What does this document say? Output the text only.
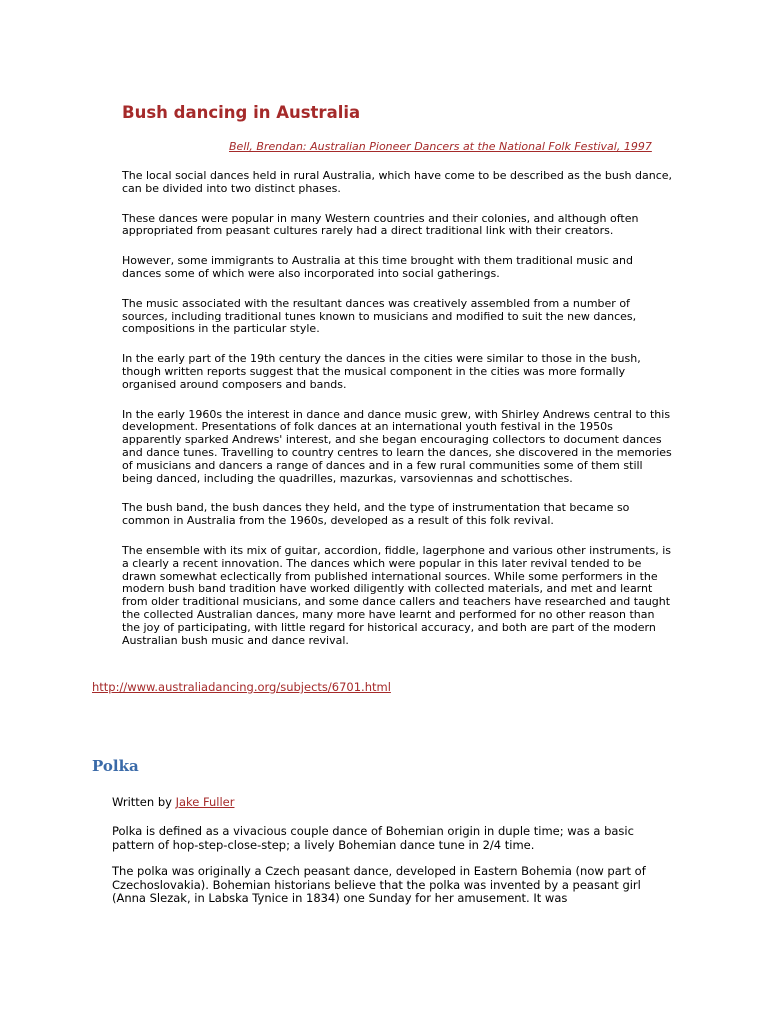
Bush dancing in Australia
Bell, Brendan: Australian Pioneer Dancers at the National Folk Festival, 1997

The local social dances held in rural Australia, which have come to be described as the bush dance, can be divided into two distinct phases.

These dances were popular in many Western countries and their colonies, and although often appropriated from peasant cultures rarely had a direct traditional link with their creators.

However, some immigrants to Australia at this time brought with them traditional music and dances some of which were also incorporated into social gatherings.

The music associated with the resultant dances was creatively assembled from a number of sources, including traditional tunes known to musicians and modified to suit the new dances, compositions in the particular style.

In the early part of the 19th century the dances in the cities were similar to those in the bush, though written reports suggest that the musical component in the cities was more formally organised around composers and bands.

In the early 1960s the interest in dance and dance music grew, with Shirley Andrews central to this development. Presentations of folk dances at an international youth festival in the 1950s apparently sparked Andrews' interest, and she began encouraging collectors to document dances and dance tunes. Travelling to country centres to learn the dances, she discovered in the memories of musicians and dancers a range of dances and in a few rural communities some of them still being danced, including the quadrilles, mazurkas, varsoviennas and schottisches.

The bush band, the bush dances they held, and the type of instrumentation that became so common in Australia from the 1960s, developed as a result of this folk revival.

The ensemble with its mix of guitar, accordion, fiddle, lagerphone and various other instruments, is a clearly a recent innovation. The dances which were popular in this later revival tended to be drawn somewhat eclectically from published international sources. While some performers in the modern bush band tradition have worked diligently with collected materials, and met and learnt from older traditional musicians, and some dance callers and teachers have researched and taught the collected Australian dances, many more have learnt and performed for no other reason than the joy of participating, with little regard for historical accuracy, and both are part of the modern Australian bush music and dance revival.

http://www.australiadancing.org/subjects/6701.html
Polka
Written by Jake Fuller

Polka is defined as a vivacious couple dance of Bohemian origin in duple time; was a basic pattern of hop-step-close-step; a lively Bohemian dance tune in 2/4 time.

The polka was originally a Czech peasant dance, developed in Eastern Bohemia (now part of Czechoslovakia). Bohemian historians believe that the polka was invented by a peasant girl (Anna Slezak, in Labska Tynice in 1834) one Sunday for her amusement. It was
